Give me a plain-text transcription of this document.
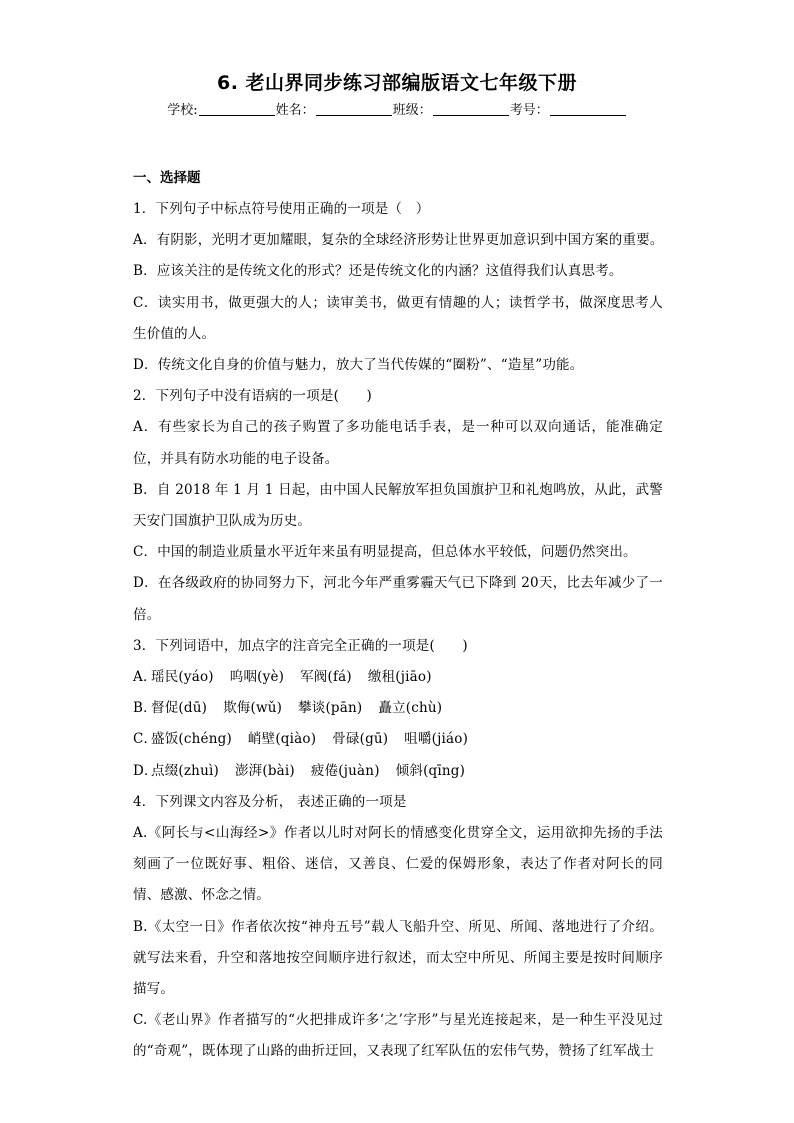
6. 老山界同步练习部编版语文七年级下册
学校:	姓名：	班级：	考号：
一、选择题
1．下列句子中标点符号使用正确的一项是（　）
A．有阴影，光明才更加耀眼，复杂的全球经济形势让世界更加意识到中国方案的重要。
B．应该关注的是传统文化的形式？还是传统文化的内涵？这值得我们认真思考。
C．读实用书，做更强大的人；读审美书，做更有情趣的人；读哲学书，做深度思考人生价值的人。
D．传统文化自身的价值与魅力，放大了当代传媒的“圈粉”、“造星”功能。
2．下列句子中没有语病的一项是(　　)
A．有些家长为自己的孩子购置了多功能电话手表，是一种可以双向通话，能准确定位，并具有防水功能的电子设备。
B．自 2018 年 1 月 1 日起，由中国人民解放军担负国旗护卫和礼炮鸣放，从此，武警天安门国旗护卫队成为历史。
C．中国的制造业质量水平近年来虽有明显提高，但总体水平较低，问题仍然突出。
D．在各级政府的协同努力下，河北今年严重雾霾天气已下降到 20天，比去年减少了一倍。
3．下列词语中，加点字的注音完全正确的一项是(　　)
A．瑶民(yáo) 呜咽(yè) 军阀(fá) 缴租(jiāo)
B．督促(dū) 欺侮(wǔ) 攀谈(pān) 矗立(chù)
C．盛饭(chéng) 峭壁(qiào) 骨碌(gū) 咀嚼(jiáo)
D．点缀(zhuì) 澎湃(bài) 疲倦(juàn) 倾斜(qīng)
4．下列课文内容及分析， 表述正确的一项是
A.《阿长与<山海经>》作者以儿时对阿长的情感变化贯穿全文，运用欲抑先扬的手法刻画了一位既好事、粗俗、迷信，又善良、仁爱的保姆形象，表达了作者对阿长的同情、感激、怀念之情。
B.《太空一日》作者依次按“神舟五号”载人飞船升空、所见、所闻、落地进行了介绍。就写法来看，升空和落地按空间顺序进行叙述，而太空中所见、所闻主要是按时间顺序描写。
C.《老山界》作者描写的“火把排成许多‘之’字形”与星光连接起来，是一种生平没见过的“奇观”，既体现了山路的曲折迂回，又表现了红军队伍的宏伟气势，赞扬了红军战士
